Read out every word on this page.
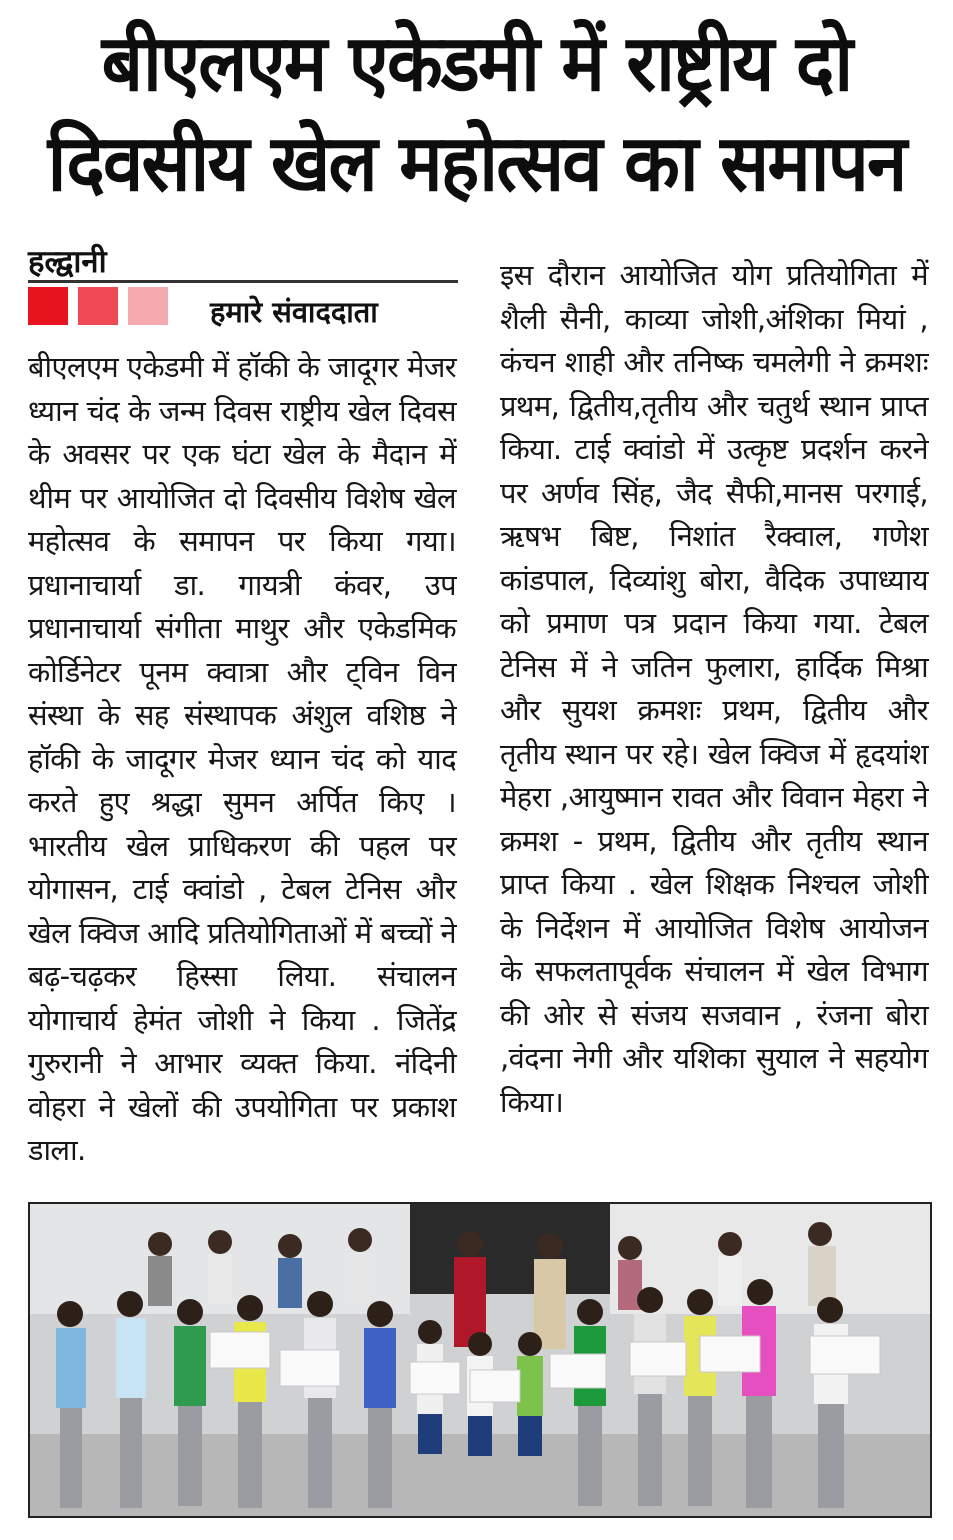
बीएलएम एकेडमी में राष्ट्रीय दो
दिवसीय खेल महोत्सव का समापन
हल्द्वानी
हमारे संवाददाता
बीएलएम एकेडमी में हॉकी के जादूगर मेजर ध्यान चंद के जन्म दिवस राष्ट्रीय खेल दिवस के अवसर पर एक घंटा खेल के मैदान में थीम पर आयोजित दो दिवसीय विशेष खेल महोत्सव के समापन पर किया गया। प्रधानाचार्या डा. गायत्री कंवर, उप प्रधानाचार्या संगीता माथुर और एकेडमिक कोर्डिनेटर पूनम क्वात्रा और ट्विन विन संस्था के सह संस्थापक अंशुल वशिष्ठ ने हॉकी के जादूगर मेजर ध्यान चंद को याद करते हुए श्रद्धा सुमन अर्पित किए । भारतीय खेल प्राधिकरण की पहल पर योगासन, टाई क्वांडो , टेबल टेनिस और खेल क्विज आदि प्रतियोगिताओं में बच्चों ने बढ़-चढ़कर हिस्सा लिया. संचालन योगाचार्य हेमंत जोशी ने किया . जितेंद्र गुरुरानी ने आभार व्यक्त किया. नंदिनी वोहरा ने खेलों की उपयोगिता पर प्रकाश डाला.
इस दौरान आयोजित योग प्रतियोगिता में शैली सैनी, काव्या जोशी,अंशिका मियां , कंचन शाही और तनिष्क चमलेगी ने क्रमशः प्रथम, द्वितीय,तृतीय और चतुर्थ स्थान प्राप्त किया. टाई क्वांडो में उत्कृष्ट प्रदर्शन करने पर अर्णव सिंह, जैद सैफी,मानस परगाई, ऋषभ बिष्ट, निशांत रैक्वाल, गणेश कांडपाल, दिव्यांशु बोरा, वैदिक उपाध्याय को प्रमाण पत्र प्रदान किया गया. टेबल टेनिस में ने जतिन फुलारा, हार्दिक मिश्रा और सुयश क्रमशः प्रथम, द्वितीय और तृतीय स्थान पर रहे। खेल क्विज में हृदयांश मेहरा ,आयुष्मान रावत और विवान मेहरा ने क्रमश - प्रथम, द्वितीय और तृतीय स्थान प्राप्त किया . खेल शिक्षक निश्चल जोशी के निर्देशन में आयोजित विशेष आयोजन के सफलतापूर्वक संचालन में खेल विभाग की ओर से संजय सजवान , रंजना बोरा ,वंदना नेगी और यशिका सुयाल ने सहयोग किया।
